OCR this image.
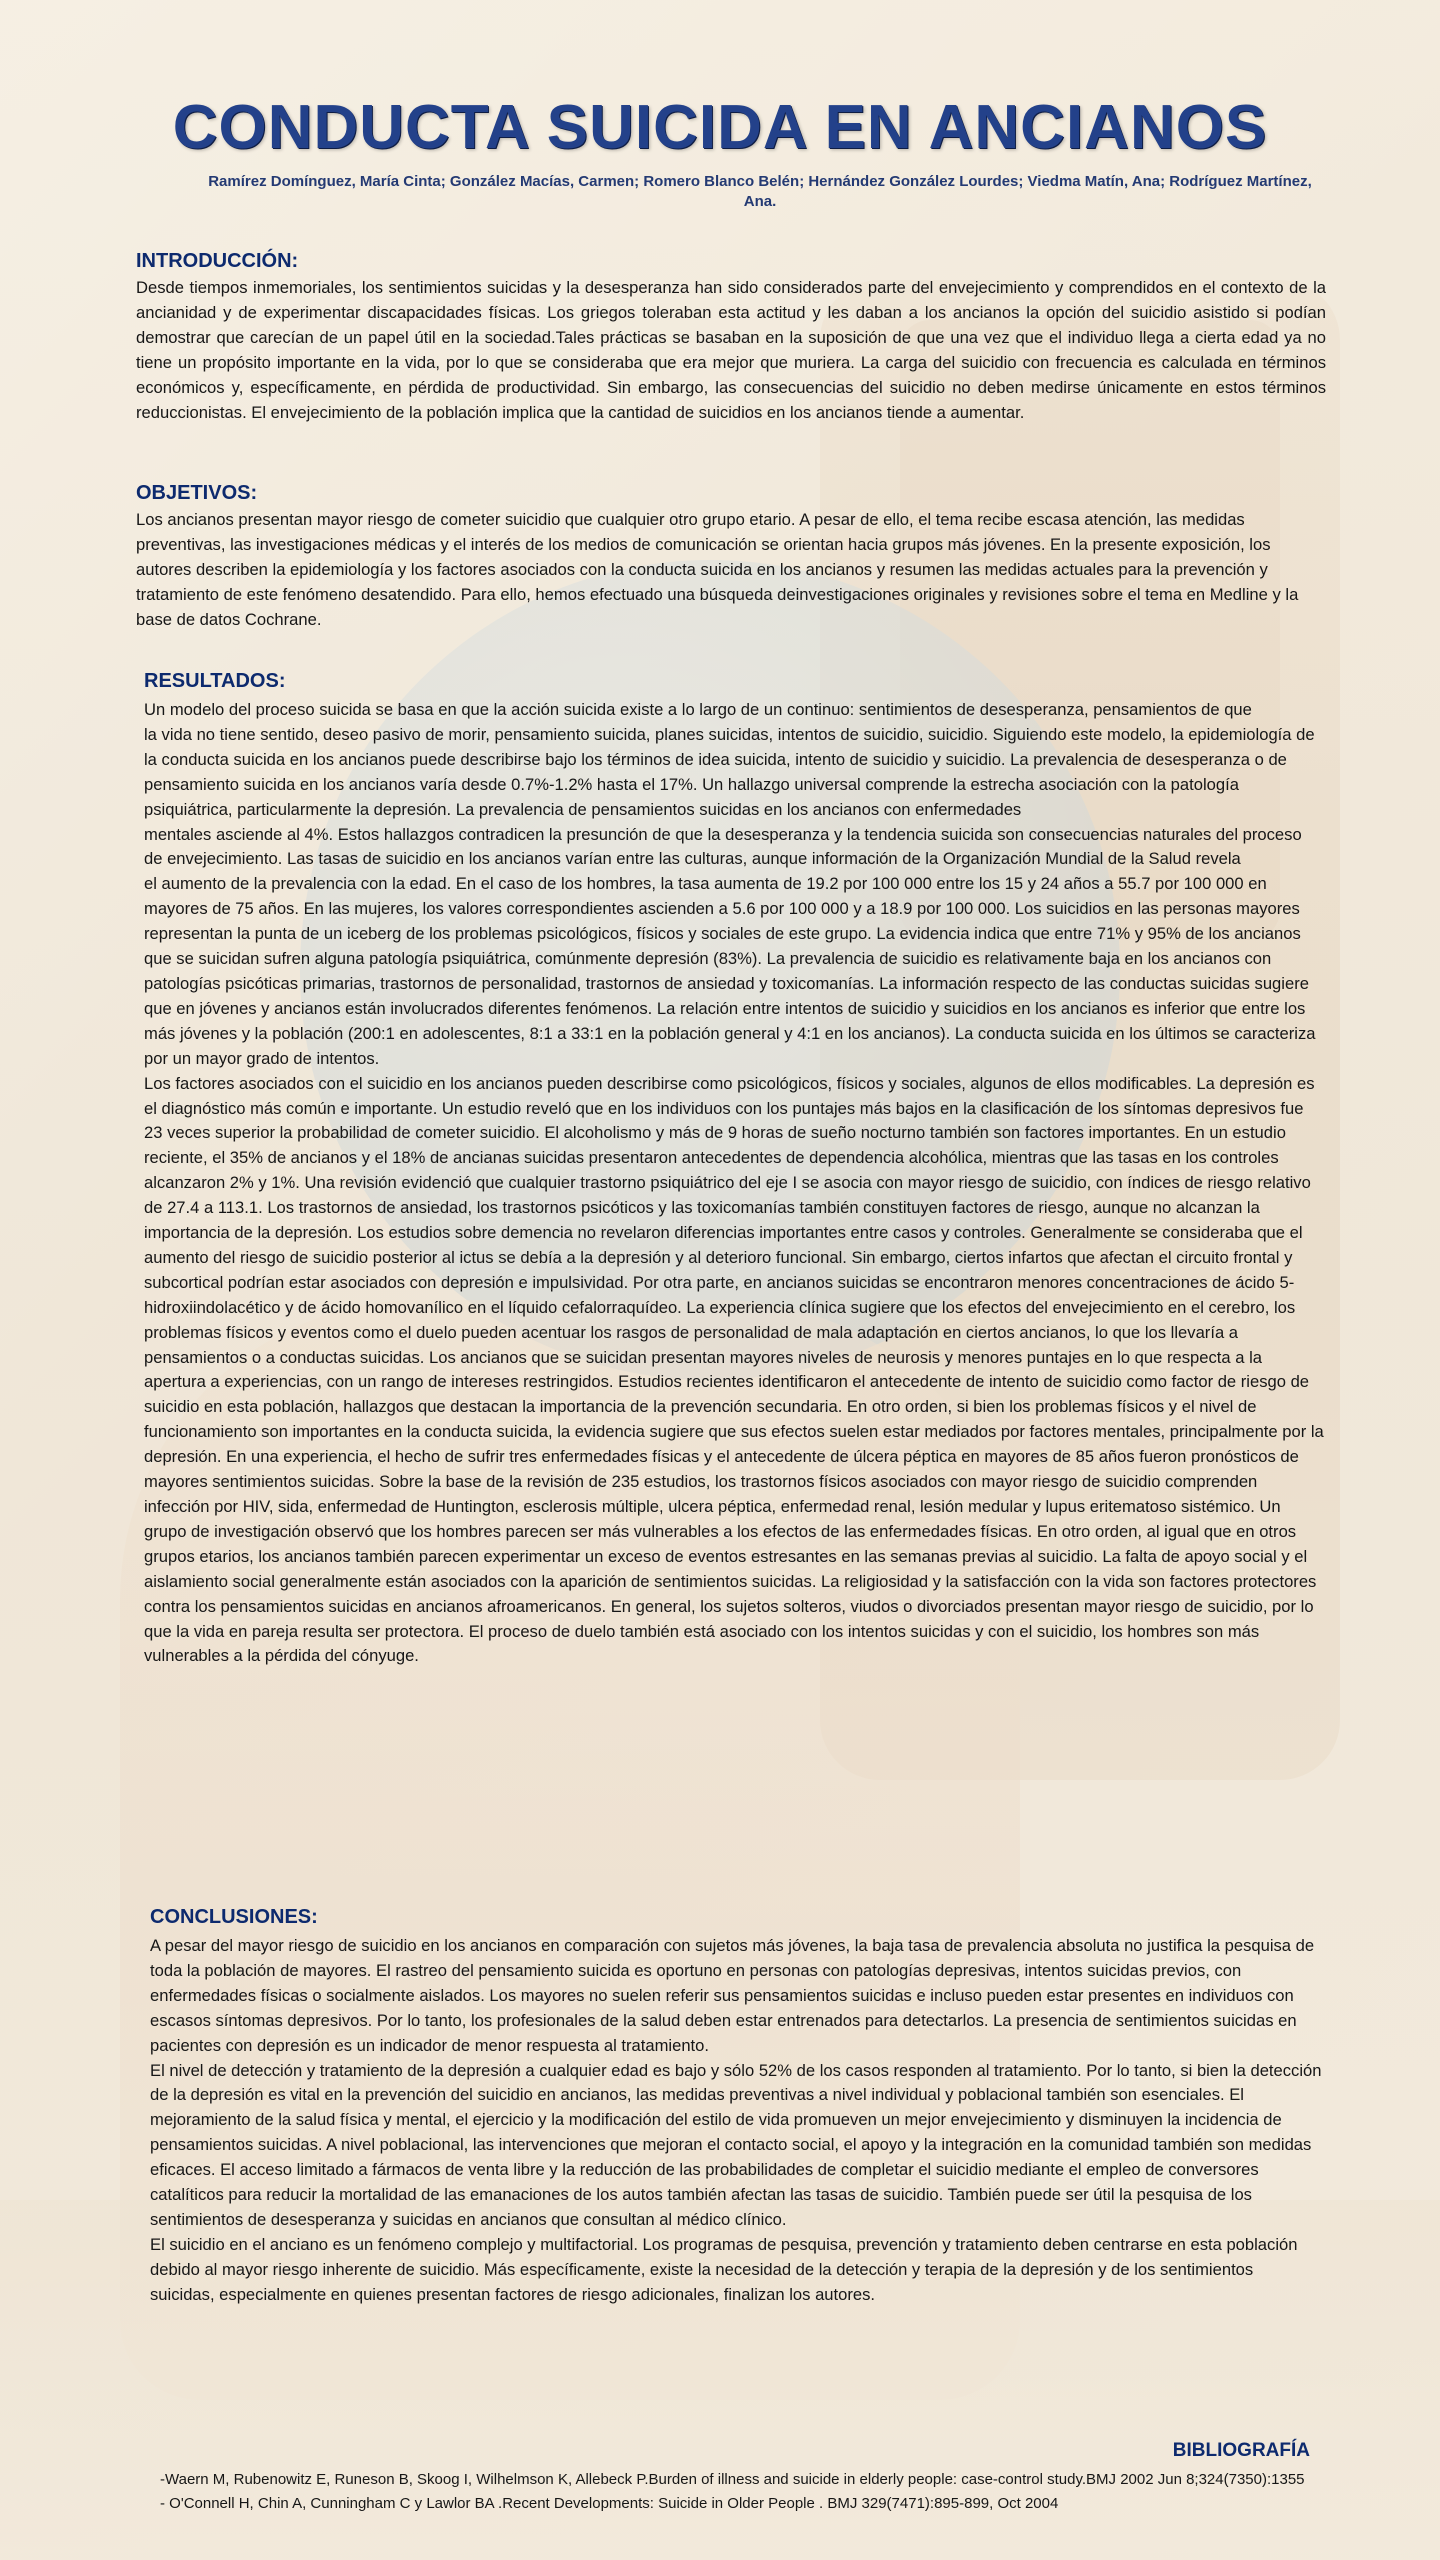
CONDUCTA SUICIDA EN ANCIANOS
Ramírez Domínguez, María Cinta; González Macías, Carmen; Romero Blanco Belén; Hernández González Lourdes; Viedma Matín, Ana; Rodríguez Martínez, Ana.
INTRODUCCIÓN:

Desde tiempos inmemoriales, los sentimientos suicidas y la desesperanza han sido considerados parte del envejecimiento y comprendidos en el contexto de la ancianidad y de experimentar discapacidades físicas. Los griegos toleraban esta actitud y les daban a los ancianos la opción del suicidio asistido si podían demostrar que carecían de un papel útil en la sociedad.Tales prácticas se basaban en la suposición de que una vez que el individuo llega a cierta edad ya no tiene un propósito importante en la vida, por lo que se consideraba que era mejor que muriera. La carga del suicidio con frecuencia es calculada en términos económicos y, específicamente, en pérdida de productividad. Sin embargo, las consecuencias del suicidio no deben medirse únicamente en estos términos reduccionistas. El envejecimiento de la población implica que la cantidad de suicidios en los ancianos tiende a aumentar.

OBJETIVOS:

Los ancianos presentan mayor riesgo de cometer suicidio que cualquier otro grupo etario. A pesar de ello, el tema recibe escasa atención, las medidas preventivas, las investigaciones médicas y el interés de los medios de comunicación se orientan hacia grupos más jóvenes. En la presente exposición, los autores describen la epidemiología y los factores asociados con la conducta suicida en los ancianos y resumen las medidas actuales para la prevención y tratamiento de este fenómeno desatendido. Para ello, hemos efectuado una búsqueda deinvestigaciones originales y revisiones sobre el tema en Medline y la base de datos Cochrane.

RESULTADOS:

Un modelo del proceso suicida se basa en que la acción suicida existe a lo largo de un continuo: sentimientos de desesperanza, pensamientos de que

la vida no tiene sentido, deseo pasivo de morir, pensamiento suicida, planes suicidas, intentos de suicidio, suicidio. Siguiendo este modelo, la epidemiología de la conducta suicida en los ancianos puede describirse bajo los términos de idea suicida, intento de suicidio y suicidio. La prevalencia de desesperanza o de pensamiento suicida en los ancianos varía desde 0.7%-1.2% hasta el 17%. Un hallazgo universal comprende la estrecha asociación con la patología psiquiátrica, particularmente la depresión. La prevalencia de pensamientos suicidas en los ancianos con enfermedades

mentales asciende al 4%. Estos hallazgos contradicen la presunción de que la desesperanza y la tendencia suicida son consecuencias naturales del proceso de envejecimiento. Las tasas de suicidio en los ancianos varían entre las culturas, aunque información de la Organización Mundial de la Salud revela

el aumento de la prevalencia con la edad. En el caso de los hombres, la tasa aumenta de 19.2 por 100 000 entre los 15 y 24 años a 55.7 por 100 000 en mayores de 75 años. En las mujeres, los valores correspondientes ascienden a 5.6 por 100 000 y a 18.9 por 100 000. Los suicidios en las personas mayores representan la punta de un iceberg de los problemas psicológicos, físicos y sociales de este grupo. La evidencia indica que entre 71% y 95% de los ancianos que se suicidan sufren alguna patología psiquiátrica, comúnmente depresión (83%). La prevalencia de suicidio es relativamente baja en los ancianos con patologías psicóticas primarias, trastornos de personalidad, trastornos de ansiedad y toxicomanías. La información respecto de las conductas suicidas sugiere que en jóvenes y ancianos están involucrados diferentes fenómenos. La relación entre intentos de suicidio y suicidios en los ancianos es inferior que entre los más jóvenes y la población (200:1 en adolescentes, 8:1 a 33:1 en la población general y 4:1 en los ancianos). La conducta suicida en los últimos se caracteriza por un mayor grado de intentos.

Los factores asociados con el suicidio en los ancianos pueden describirse como psicológicos, físicos y sociales, algunos de ellos modificables. La depresión es el diagnóstico más común e importante. Un estudio reveló que en los individuos con los puntajes más bajos en la clasificación de los síntomas depresivos fue 23 veces superior la probabilidad de cometer suicidio. El alcoholismo y más de 9 horas de sueño nocturno también son factores importantes. En un estudio reciente, el 35% de ancianos y el 18% de ancianas suicidas presentaron antecedentes de dependencia alcohólica, mientras que las tasas en los controles alcanzaron 2% y 1%. Una revisión evidenció que cualquier trastorno psiquiátrico del eje I se asocia con mayor riesgo de suicidio, con índices de riesgo relativo de 27.4 a 113.1. Los trastornos de ansiedad, los trastornos psicóticos y las toxicomanías también constituyen factores de riesgo, aunque no alcanzan la importancia de la depresión. Los estudios sobre demencia no revelaron diferencias importantes entre casos y controles. Generalmente se consideraba que el aumento del riesgo de suicidio posterior al ictus se debía a la depresión y al deterioro funcional. Sin embargo, ciertos infartos que afectan el circuito frontal y subcortical podrían estar asociados con depresión e impulsividad. Por otra parte, en ancianos suicidas se encontraron menores concentraciones de ácido 5-hidroxiindolacético y de ácido homovanílico en el líquido cefalorraquídeo. La experiencia clínica sugiere que los efectos del envejecimiento en el cerebro, los problemas físicos y eventos como el duelo pueden acentuar los rasgos de personalidad de mala adaptación en ciertos ancianos, lo que los llevaría a pensamientos o a conductas suicidas. Los ancianos que se suicidan presentan mayores niveles de neurosis y menores puntajes en lo que respecta a la apertura a experiencias, con un rango de intereses restringidos. Estudios recientes identificaron el antecedente de intento de suicidio como factor de riesgo de suicidio en esta población, hallazgos que destacan la importancia de la prevención secundaria. En otro orden, si bien los problemas físicos y el nivel de funcionamiento son importantes en la conducta suicida, la evidencia sugiere que sus efectos suelen estar mediados por factores mentales, principalmente por la depresión. En una experiencia, el hecho de sufrir tres enfermedades físicas y el antecedente de úlcera péptica en mayores de 85 años fueron pronósticos de mayores sentimientos suicidas. Sobre la base de la revisión de 235 estudios, los trastornos físicos asociados con mayor riesgo de suicidio comprenden infección por HIV, sida, enfermedad de Huntington, esclerosis múltiple, ulcera péptica, enfermedad renal, lesión medular y lupus eritematoso sistémico. Un grupo de investigación observó que los hombres parecen ser más vulnerables a los efectos de las enfermedades físicas. En otro orden, al igual que en otros grupos etarios, los ancianos también parecen experimentar un exceso de eventos estresantes en las semanas previas al suicidio. La falta de apoyo social y el aislamiento social generalmente están asociados con la aparición de sentimientos suicidas. La religiosidad y la satisfacción con la vida son factores protectores contra los pensamientos suicidas en ancianos afroamericanos. En general, los sujetos solteros, viudos o divorciados presentan mayor riesgo de suicidio, por lo que la vida en pareja resulta ser protectora. El proceso de duelo también está asociado con los intentos suicidas y con el suicidio, los hombres son más vulnerables a la pérdida del cónyuge.

CONCLUSIONES:

A pesar del mayor riesgo de suicidio en los ancianos en comparación con sujetos más jóvenes, la baja tasa de prevalencia absoluta no justifica la pesquisa de toda la población de mayores. El rastreo del pensamiento suicida es oportuno en personas con patologías depresivas, intentos suicidas previos, con enfermedades físicas o socialmente aislados. Los mayores no suelen referir sus pensamientos suicidas e incluso pueden estar presentes en individuos con escasos síntomas depresivos. Por lo tanto, los profesionales de la salud deben estar entrenados para detectarlos. La presencia de sentimientos suicidas en pacientes con depresión es un indicador de menor respuesta al tratamiento.

El nivel de detección y tratamiento de la depresión a cualquier edad es bajo y sólo 52% de los casos responden al tratamiento. Por lo tanto, si bien la detección de la depresión es vital en la prevención del suicidio en ancianos, las medidas preventivas a nivel individual y poblacional también son esenciales. El mejoramiento de la salud física y mental, el ejercicio y la modificación del estilo de vida promueven un mejor envejecimiento y disminuyen la incidencia de pensamientos suicidas. A nivel poblacional, las intervenciones que mejoran el contacto social, el apoyo y la integración en la comunidad también son medidas eficaces. El acceso limitado a fármacos de venta libre y la reducción de las probabilidades de completar el suicidio mediante el empleo de conversores catalíticos para reducir la mortalidad de las emanaciones de los autos también afectan las tasas de suicidio. También puede ser útil la pesquisa de los sentimientos de desesperanza y suicidas en ancianos que consultan al médico clínico.

El suicidio en el anciano es un fenómeno complejo y multifactorial. Los programas de pesquisa, prevención y tratamiento deben centrarse en esta población debido al mayor riesgo inherente de suicidio. Más específicamente, existe la necesidad de la detección y terapia de la depresión y de los sentimientos suicidas, especialmente en quienes presentan factores de riesgo adicionales, finalizan los autores.

BIBLIOGRAFÍA
-Waern M, Rubenowitz E, Runeson B, Skoog I, Wilhelmson K, Allebeck P.Burden of illness and suicide in elderly people: case-control study.BMJ 2002 Jun 8;324(7350):1355
- O'Connell H, Chin A, Cunningham C y Lawlor BA .Recent Developments: Suicide in Older People . BMJ 329(7471):895-899, Oct 2004
